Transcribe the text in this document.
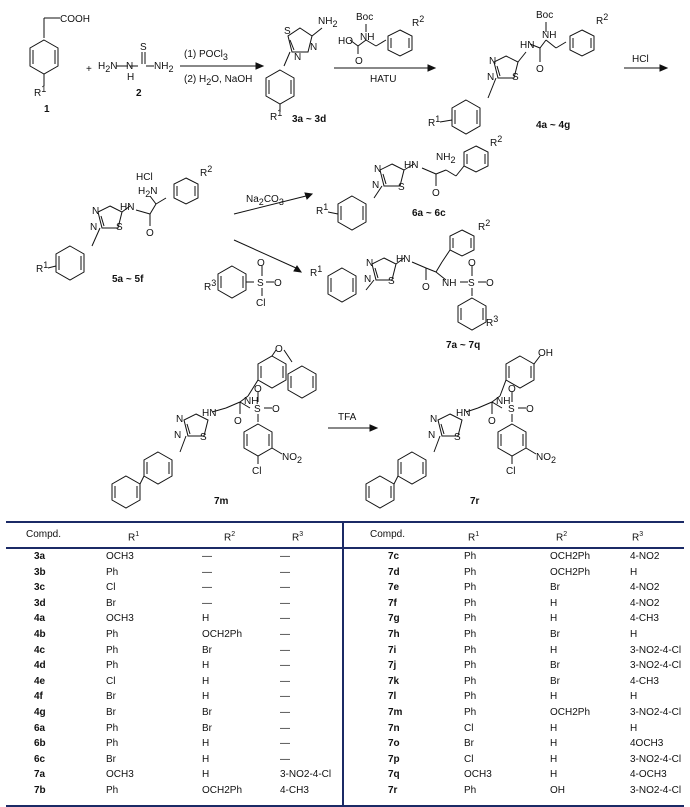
COOH
R1
1
+ H2N N
H
S
NH2
2
(1) POCl3
(2) H2O, NaOH
NH2
S
N
N
R1
3a ~ 3d
Boc
NH
HO
O
R2
HATU
Boc
NH
HN
O
R2
S
N
N
R1
4a ~ 4g
HCl
HCl
H2N
R2
HN
O
S
N
N
R1
5a ~ 5f
Na2CO3
NH2
R2
HN
O
S
N
N
R1
6a ~ 6c
R3	S
O
O
Cl
R2
HN
NH
O	S
O
O
S
N
N
R1
R3
7a ~ 7q
O
HN
NH
O
S
O
O
S
N
N
NO2
Cl
7m
TFA
OH
HN
NH
O
S
O
O
S
N
N
NO2
Cl
7r
Compd.	$R^1$	$R^2$	$R^3$
3a	OCH3	—	—
3b	Ph	—	—
3c	Cl	—	—
3d	Br	—	—
4a	OCH3	H	—
4b	Ph	OCH2Ph	—
4c	Ph	Br	—
4d	Ph	H	—
4e	Cl	H	—
4f	Br	H	—
4g	Br	Br	—
6a	Ph	Br	—
6b	Ph	H	—
6c	Br	H	—
7a	OCH3	H	3-NO2-4-Cl
7b	Ph	OCH2Ph	4-CH3
Compd.	$R^1$	$R^2$	$R^3$
7c	Ph	OCH2Ph	4-NO2
7d	Ph	OCH2Ph	H
7e	Ph	Br	4-NO2
7f	Ph	H	4-NO2
7g	Ph	H	4-CH3
7h	Ph	Br	H
7i	Ph	H	3-NO2-4-Cl
7j	Ph	Br	3-NO2-4-Cl
7k	Ph	Br	4-CH3
7l	Ph	H	H
7m	Ph	OCH2Ph	3-NO2-4-Cl
7n	Cl	H	H
7o	Br	H	4OCH3
7p	Cl	H	3-NO2-4-Cl
7q	OCH3	H	4-OCH3
7r	Ph	OH	3-NO2-4-Cl
